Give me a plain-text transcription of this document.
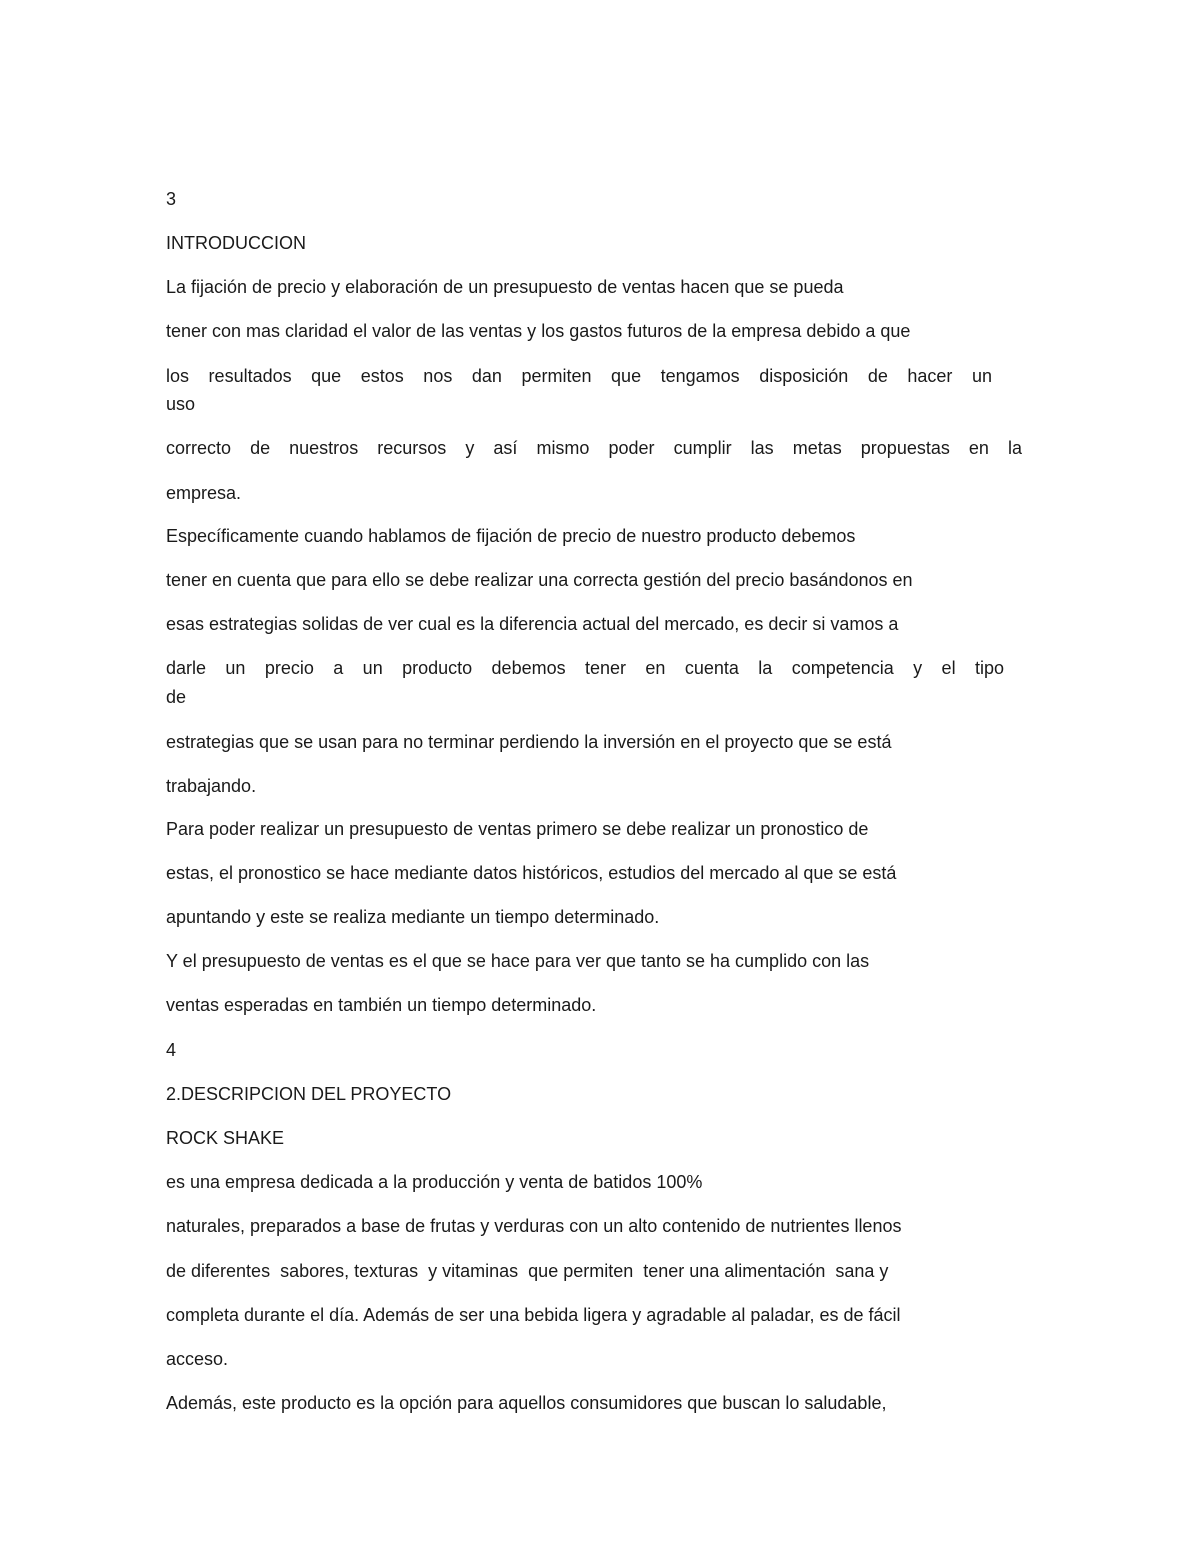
3

INTRODUCCION

La fijación de precio y elaboración de un presupuesto de ventas hacen que se pueda

tener con mas claridad el valor de las ventas y los gastos futuros de la empresa debido a que

los resultados que estos nos dan permiten que tengamos disposición de hacer un

uso

correcto de nuestros recursos y así mismo poder cumplir las metas propuestas en la

empresa.

Específicamente cuando hablamos de fijación de precio de nuestro producto debemos

tener en cuenta que para ello se debe realizar una correcta gestión del precio basándonos en

esas estrategias solidas de ver cual es la diferencia actual del mercado, es decir si vamos a

darle un precio a un producto debemos tener en cuenta la competencia y el tipo

de

estrategias que se usan para no terminar perdiendo la inversión en el proyecto que se está

trabajando.

Para poder realizar un presupuesto de ventas primero se debe realizar un pronostico de

estas, el pronostico se hace mediante datos históricos, estudios del mercado al que se está

apuntando y este se realiza mediante un tiempo determinado.

Y el presupuesto de ventas es el que se hace para ver que tanto se ha cumplido con las

ventas esperadas en también un tiempo determinado.

4

2.DESCRIPCION DEL PROYECTO

ROCK SHAKE

es una empresa dedicada a la producción y venta de batidos 100%

naturales, preparados a base de frutas y verduras con un alto contenido de nutrientes llenos

de diferentes  sabores, texturas  y vitaminas  que permiten  tener una alimentación  sana y

completa durante el día. Además de ser una bebida ligera y agradable al paladar, es de fácil

acceso.

Además, este producto es la opción para aquellos consumidores que buscan lo saludable,
